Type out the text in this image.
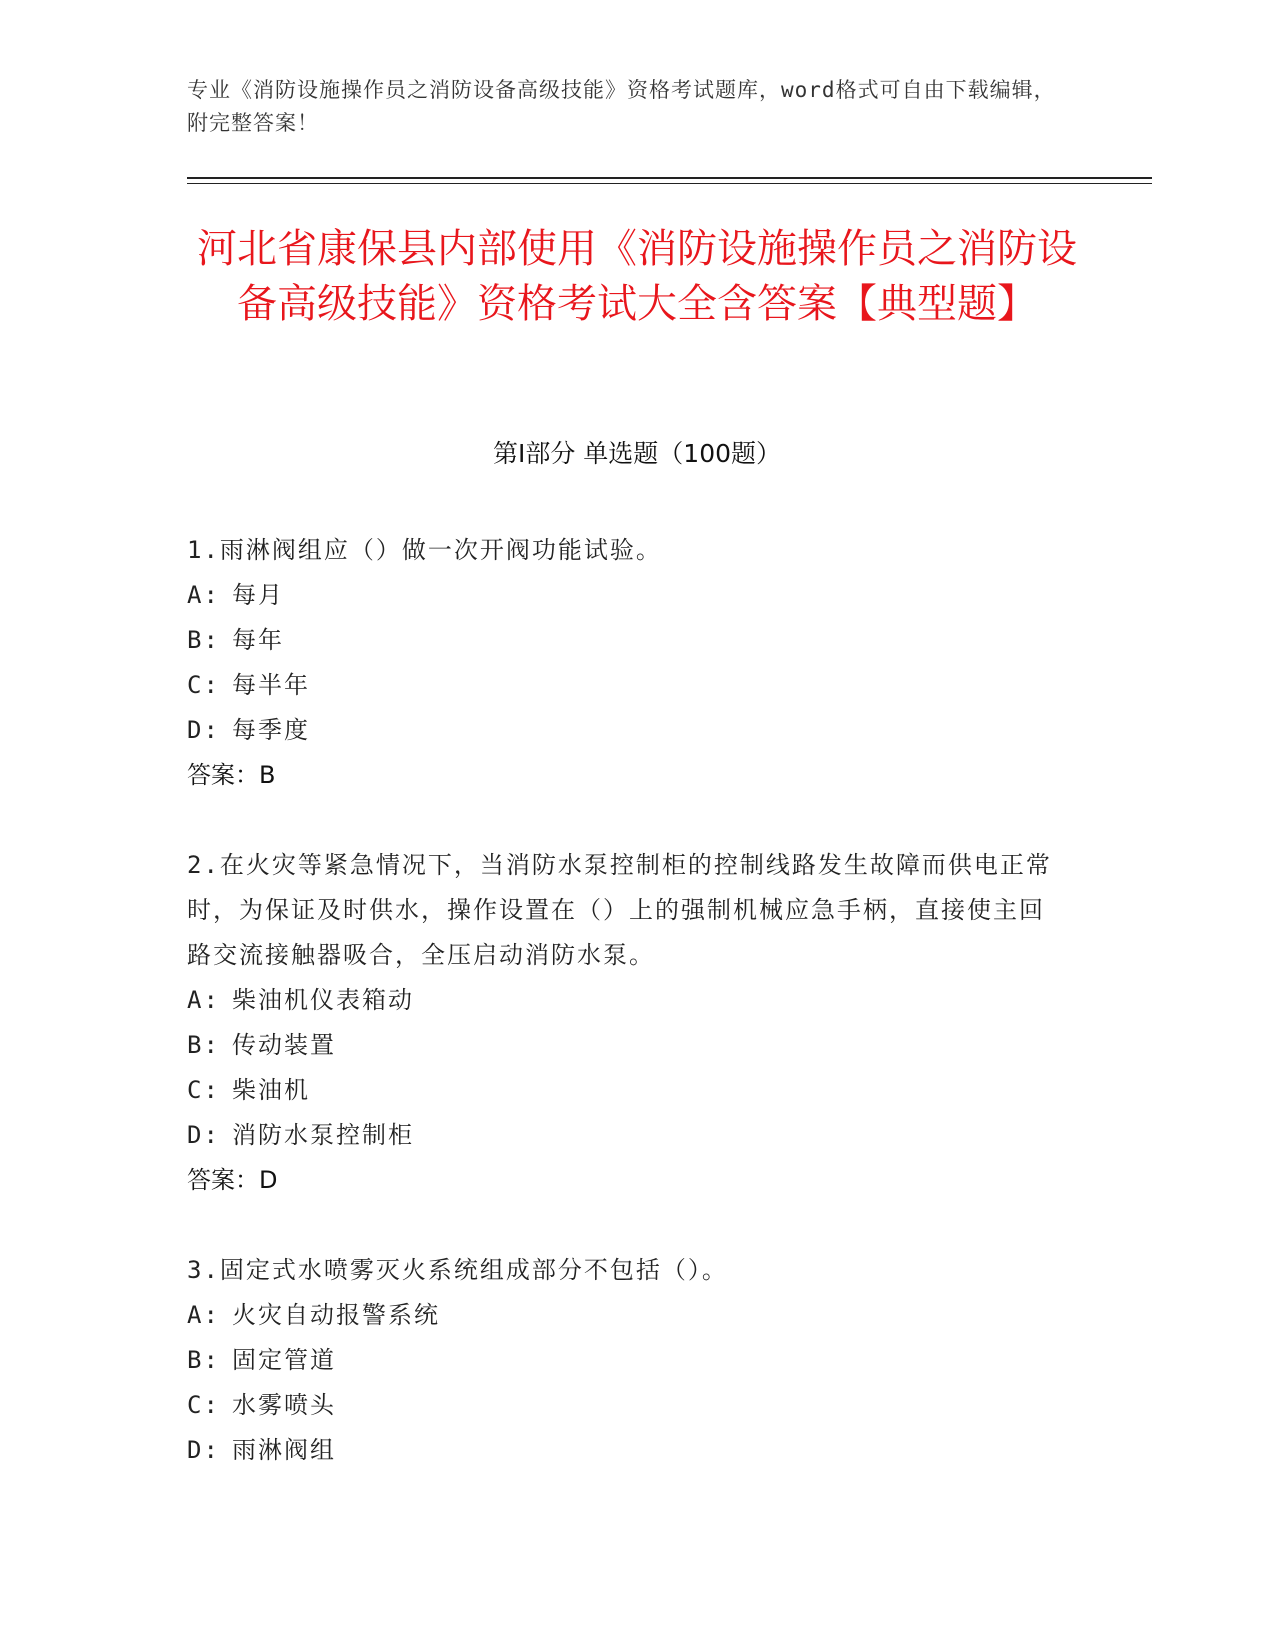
专业《消防设施操作员之消防设备高级技能》资格考试题库，word格式可自由下载编辑，附完整答案！
河北省康保县内部使用《消防设施操作员之消防设备高级技能》资格考试大全含答案【典型题】
第Ⅰ部分 单选题（100题）

1.雨淋阀组应（）做一次开阀功能试验。

A: 每月

B: 每年

C: 每半年

D: 每季度

答案：B

2.在火灾等紧急情况下，当消防水泵控制柜的控制线路发生故障而供电正常时，为保证及时供水，操作设置在（）上的强制机械应急手柄，直接使主回路交流接触器吸合，全压启动消防水泵。

A: 柴油机仪表箱动

B: 传动装置

C: 柴油机

D: 消防水泵控制柜

答案：D

3.固定式水喷雾灭火系统组成部分不包括（）。

A: 火灾自动报警系统

B: 固定管道

C: 水雾喷头

D: 雨淋阀组
